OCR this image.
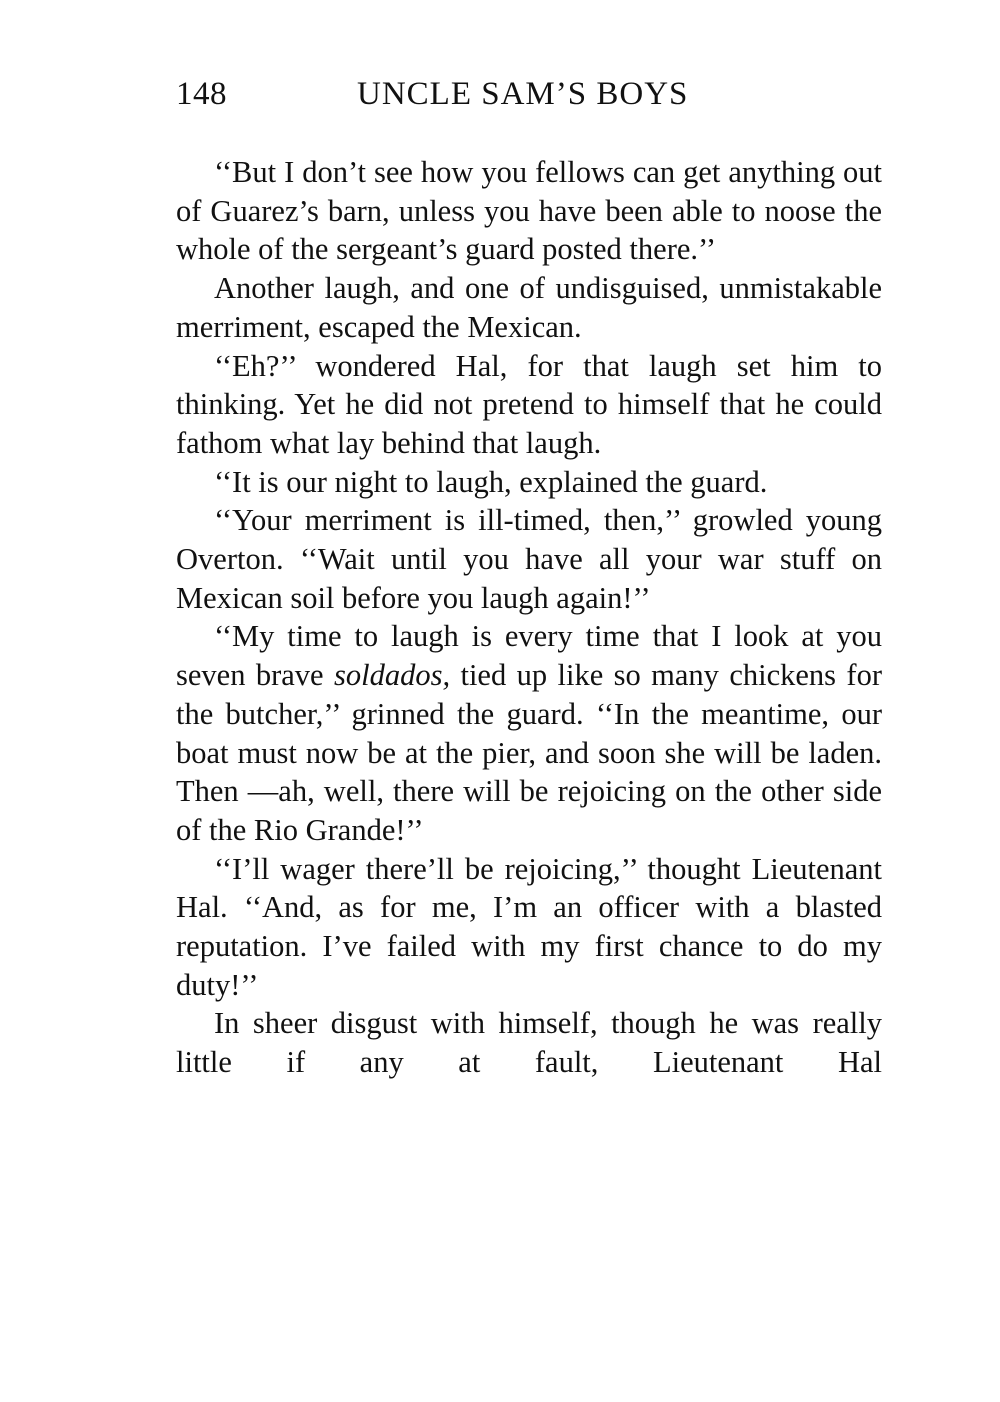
148	UNCLE SAM’S BOYS

‘‘But I don’t see how you fellows can get anything out of Guarez’s barn, unless you have been able to noose the whole of the sergeant’s guard posted there.’’

Another laugh, and one of undisguised, unmistakable merriment, escaped the Mexican.

‘‘Eh?’’ wondered Hal, for that laugh set him to thinking. Yet he did not pretend to himself that he could fathom what lay behind that laugh.

‘‘It is our night to laugh, explained the guard.

‘‘Your merriment is ill-timed, then,’’ growled young Overton. ‘‘Wait until you have all your war stuff on Mexican soil before you laugh again!’’

‘‘My time to laugh is every time that I look at you seven brave soldados, tied up like so many chickens for the butcher,’’ grinned the guard. ‘‘In the meantime, our boat must now be at the pier, and soon she will be laden. Then —ah, well, there will be rejoicing on the other side of the Rio Grande!’’

‘‘I’ll wager there’ll be rejoicing,’’ thought Lieutenant Hal. ‘‘And, as for me, I’m an officer with a blasted reputation. I’ve failed with my first chance to do my duty!’’

In sheer disgust with himself, though he was really little if any at fault, Lieutenant Hal
